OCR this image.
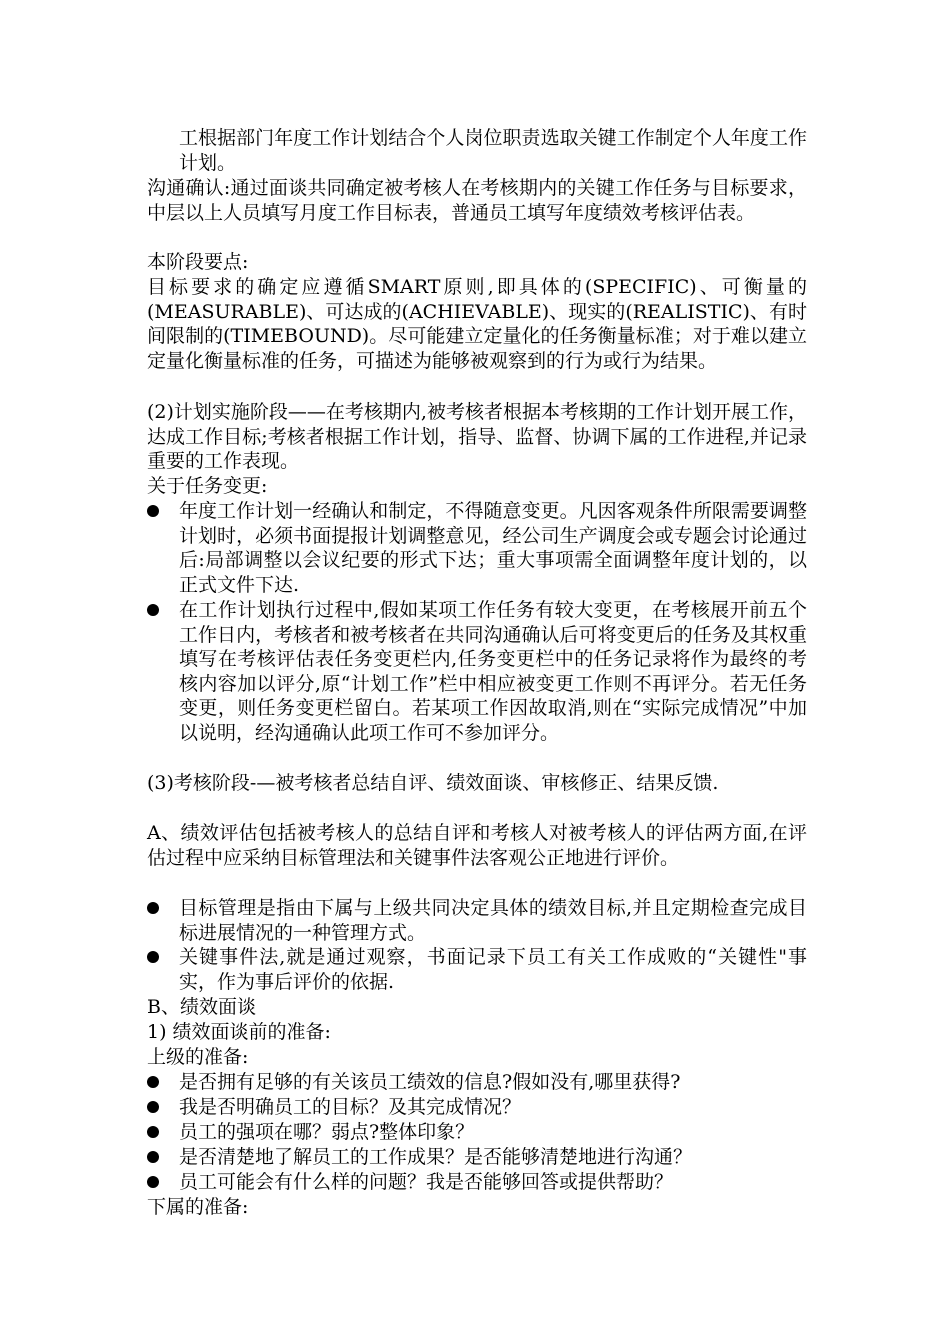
工根据部门年度工作计划结合个人岗位职责选取关键工作制定个人年度工作计划。
沟通确认:通过面谈共同确定被考核人在考核期内的关键工作任务与目标要求，中层以上人员填写月度工作目标表，普通员工填写年度绩效考核评估表。
本阶段要点:
目标要求的确定应遵循SMART原则,即具体的(SPECIFIC)、可衡量的(MEASURABLE)、可达成的(ACHIEVABLE)、现实的(REALISTIC)、有时间限制的(TIMEBOUND)。尽可能建立定量化的任务衡量标准；对于难以建立定量化衡量标准的任务，可描述为能够被观察到的行为或行为结果。
(2)计划实施阶段——在考核期内,被考核者根据本考核期的工作计划开展工作，达成工作目标;考核者根据工作计划，指导、监督、协调下属的工作进程,并记录重要的工作表现。
关于任务变更:
年度工作计划一经确认和制定，不得随意变更。凡因客观条件所限需要调整计划时，必须书面提报计划调整意见，经公司生产调度会或专题会讨论通过后:局部调整以会议纪要的形式下达；重大事项需全面调整年度计划的，以正式文件下达.
在工作计划执行过程中,假如某项工作任务有较大变更，在考核展开前五个工作日内，考核者和被考核者在共同沟通确认后可将变更后的任务及其权重填写在考核评估表任务变更栏内,任务变更栏中的任务记录将作为最终的考核内容加以评分,原“计划工作”栏中相应被变更工作则不再评分。若无任务变更，则任务变更栏留白。若某项工作因故取消,则在“实际完成情况”中加以说明，经沟通确认此项工作可不参加评分。
(3)考核阶段-—被考核者总结自评、绩效面谈、审核修正、结果反馈.
A、绩效评估包括被考核人的总结自评和考核人对被考核人的评估两方面,在评估过程中应采纳目标管理法和关键事件法客观公正地进行评价。
目标管理是指由下属与上级共同决定具体的绩效目标,并且定期检查完成目标进展情况的一种管理方式。
关键事件法,就是通过观察，书面记录下员工有关工作成败的“关键性"事实，作为事后评价的依据.
B、绩效面谈
1) 绩效面谈前的准备:
上级的准备:
是否拥有足够的有关该员工绩效的信息?假如没有,哪里获得?
我是否明确员工的目标？及其完成情况？
员工的强项在哪？弱点?整体印象？
是否清楚地了解员工的工作成果？是否能够清楚地进行沟通？
员工可能会有什么样的问题？我是否能够回答或提供帮助？
下属的准备:
